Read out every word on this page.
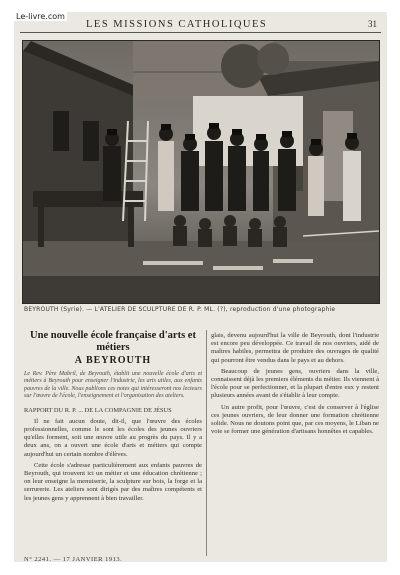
Le-livre.com
LES MISSIONS CATHOLIQUES	31
BEYROUTH (Syrie). — L'ATELIER DE SCULPTURE DE R. P. ML. (?), reproduction d'une photographie
Une nouvelle école française d'arts et métiers
A BEYROUTH
Le Rev. Père Mabril, de Beyrouth, établit une nouvelle école d'arts et métiers à Beyrouth pour enseigner l'industrie, les arts utiles, aux enfants pauvres de la ville. Nous publions ces notes qui intéresseront nos lecteurs sur l'œuvre de l'école, l'enseignement et l'organisation des ateliers.
RAPPORT DU R. P. ... DE LA COMPAGNIE DE JÉSUS

Il ne fait aucun doute, dit-il, que l'œuvre des écoles professionnelles, comme le sont les écoles des jeunes ouvriers qu'elles forment, soit une œuvre utile au progrès du pays. Il y a deux ans, on a ouvert une école d'arts et métiers qui compte aujourd'hui un certain nombre d'élèves.

Cette école s'adresse particulièrement aux enfants pauvres de Beyrouth, qui trouvent ici un métier et une éducation chrétienne ; on leur enseigne la menuiserie, la sculpture sur bois, la forge et la serrurerie. Les ateliers sont dirigés par des maîtres compétents et les jeunes gens y apprennent à bien travailler.

glais, devenu aujourd'hui la ville de Beyrouth, dont l'industrie est encore peu développée. Ce travail de nos ouvriers, aidé de maîtres habiles, permettra de produire des ouvrages de qualité qui pourront être vendus dans le pays et au dehors.

Beaucoup de jeunes gens, ouvriers dans la ville, connaissent déjà les premiers éléments du métier. Ils viennent à l'école pour se perfectionner, et la plupart d'entre eux y restent plusieurs années avant de s'établir à leur compte.

Un autre profit, pour l'œuvre, c'est de conserver à l'église ces jeunes ouvriers, de leur donner une formation chrétienne solide. Nous ne doutons point que, par ces moyens, le Liban ne voie se former une génération d'artisans honnêtes et capables.

N° 2241. — 17 JANVIER 1913.
